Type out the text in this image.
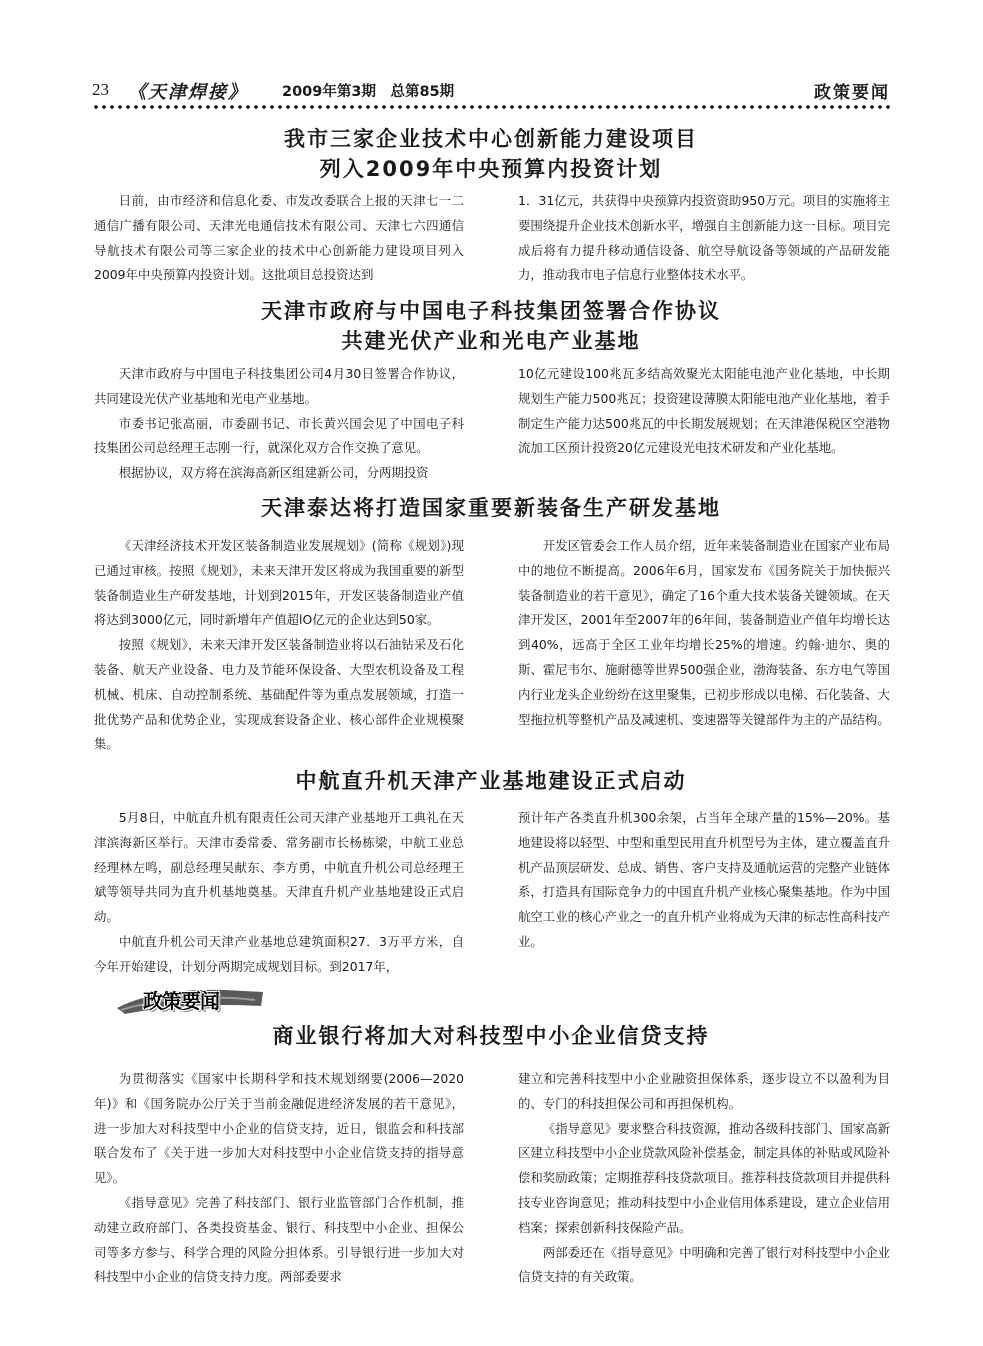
23 《天津焊接》 2009年第3期　总第85期	政策要闻
我市三家企业技术中心创新能力建设项目
列入2009年中央预算内投资计划

日前，由市经济和信息化委、市发改委联合上报的天津七一二通信广播有限公司、天津光电通信技术有限公司、天津七六四通信导航技术有限公司等三家企业的技术中心创新能力建设项目列入2009年中央预算内投资计划。这批项目总投资达到

1．31亿元，共获得中央预算内投资资助950万元。项目的实施将主要围绕提升企业技术创新水平，增强自主创新能力这一目标。项目完成后将有力提升移动通信设备、航空导航设备等领域的产品研发能力，推动我市电子信息行业整体技术水平。

天津市政府与中国电子科技集团签署合作协议
共建光伏产业和光电产业基地

天津市政府与中国电子科技集团公司4月30日签署合作协议，共同建设光伏产业基地和光电产业基地。

市委书记张高丽，市委副书记、市长黄兴国会见了中国电子科技集团公司总经理王志刚一行，就深化双方合作交换了意见。

根据协议，双方将在滨海高新区组建新公司，分两期投资

10亿元建设100兆瓦多结高效聚光太阳能电池产业化基地，中长期规划生产能力500兆瓦；投资建设薄膜太阳能电池产业化基地，着手制定生产能力达500兆瓦的中长期发展规划；在天津港保税区空港物流加工区预计投资20亿元建设光电技术研发和产业化基地。

天津泰达将打造国家重要新装备生产研发基地

《天津经济技术开发区装备制造业发展规划》(简称《规划》)现已通过审核。按照《规划》，未来天津开发区将成为我国重要的新型装备制造业生产研发基地，计划到2015年，开发区装备制造业产值将达到3000亿元，同时新增年产值超lO亿元的企业达到50家。

按照《规划》，未来天津开发区装备制造业将以石油钻采及石化装备、航天产业设备、电力及节能环保设备、大型农机设备及工程机械、机床、自动控制系统、基础配件等为重点发展领域，打造一批优势产品和优势企业，实现成套设备企业、核心部件企业规模聚集。

开发区管委会工作人员介绍，近年来装备制造业在国家产业布局中的地位不断提高。2006年6月，国家发布《国务院关于加快振兴装备制造业的若干意见》，确定了16个重大技术装备关键领域。在天津开发区，2001年至2007年的6年间，装备制造业产值年均增长达到40%，远高于全区工业年均增长25%的增速。约翰·迪尔、奥的斯、霍尼韦尔、施耐德等世界500强企业，渤海装备、东方电气等国内行业龙头企业纷纷在这里聚集，已初步形成以电梯、石化装备、大型拖拉机等整机产品及减速机、变速器等关键部件为主的产品结构。

中航直升机天津产业基地建设正式启动

5月8日，中航直升机有限责任公司天津产业基地开工典礼在天津滨海新区举行。天津市委常委、常务副市长杨栋梁，中航工业总经理林左鸣，副总经理吴献东、李方勇，中航直升机公司总经理王斌等领导共同为直升机基地奠基。天津直升机产业基地建设正式启动。

中航直升机公司天津产业基地总建筑面积27．3万平方米，自今年开始建设，计划分两期完成规划目标。到2017年，

预计年产各类直升机300余架，占当年全球产量的15%—20%。基地建设将以轻型、中型和重型民用直升机型号为主体，建立覆盖直升机产品顶层研发、总成、销售、客户支持及通航运营的完整产业链体系，打造具有国际竞争力的中国直升机产业核心聚集基地。作为中国航空工业的核心产业之一的直升机产业将成为天津的标志性高科技产业。

政策要闻
商业银行将加大对科技型中小企业信贷支持

为贯彻落实《国家中长期科学和技术规划纲要(2006—2020年)》和《国务院办公厅关于当前金融促进经济发展的若干意见》，进一步加大对科技型中小企业的信贷支持，近日，银监会和科技部联合发布了《关于进一步加大对科技型中小企业信贷支持的指导意见》。

《指导意见》完善了科技部门、银行业监管部门合作机制，推动建立政府部门、各类投资基金、银行、科技型中小企业、担保公司等多方参与、科学合理的风险分担体系。引导银行进一步加大对科技型中小企业的信贷支持力度。两部委要求

建立和完善科技型中小企业融资担保体系，逐步设立不以盈利为目的、专门的科技担保公司和再担保机构。

《指导意见》要求整合科技资源，推动各级科技部门、国家高新区建立科技型中小企业贷款风险补偿基金，制定具体的补贴或风险补偿和奖励政策；定期推荐科技贷款项目。推荐科技贷款项目并提供科技专业咨询意见；推动科技型中小企业信用体系建设，建立企业信用档案；探索创新科技保险产品。

两部委还在《指导意见》中明确和完善了银行对科技型中小企业信贷支持的有关政策。
